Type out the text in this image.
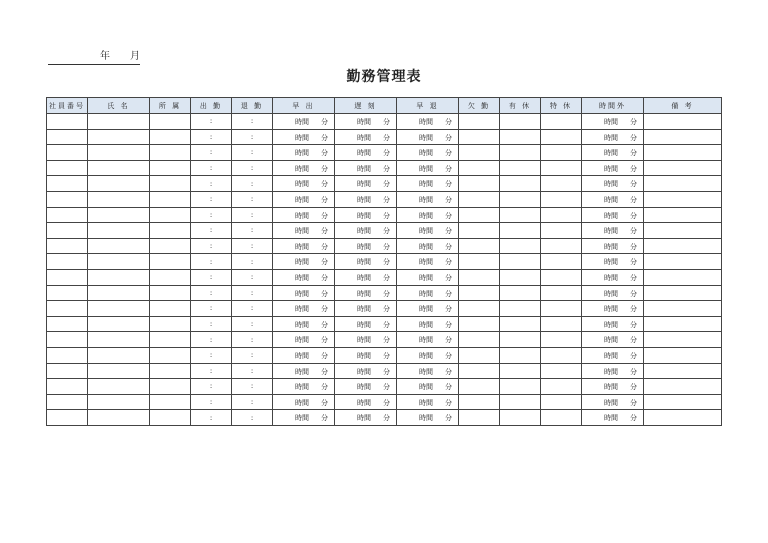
年 月
勤務管理表
社員番号	氏 名	所 属	出 勤	退 勤	早 出	遅 刻	早 退	欠 勤	有 休	特 休	時間外	備 考
			:	:	時間 分	時間 分	時間 分				時間 分	

			:	:	時間 分	時間 分	時間 分				時間 分	

			:	:	時間 分	時間 分	時間 分				時間 分	

			:	:	時間 分	時間 分	時間 分				時間 分	

			:	:	時間 分	時間 分	時間 分				時間 分	

			:	:	時間 分	時間 分	時間 分				時間 分	

			:	:	時間 分	時間 分	時間 分				時間 分	

			:	:	時間 分	時間 分	時間 分				時間 分	

			:	:	時間 分	時間 分	時間 分				時間 分	

			:	:	時間 分	時間 分	時間 分				時間 分	

			:	:	時間 分	時間 分	時間 分				時間 分	

			:	:	時間 分	時間 分	時間 分				時間 分	

			:	:	時間 分	時間 分	時間 分				時間 分	

			:	:	時間 分	時間 分	時間 分				時間 分	

			:	:	時間 分	時間 分	時間 分				時間 分	

			:	:	時間 分	時間 分	時間 分				時間 分	

			:	:	時間 分	時間 分	時間 分				時間 分	

			:	:	時間 分	時間 分	時間 分				時間 分	

			:	:	時間 分	時間 分	時間 分				時間 分	

			:	:	時間 分	時間 分	時間 分				時間 分	
